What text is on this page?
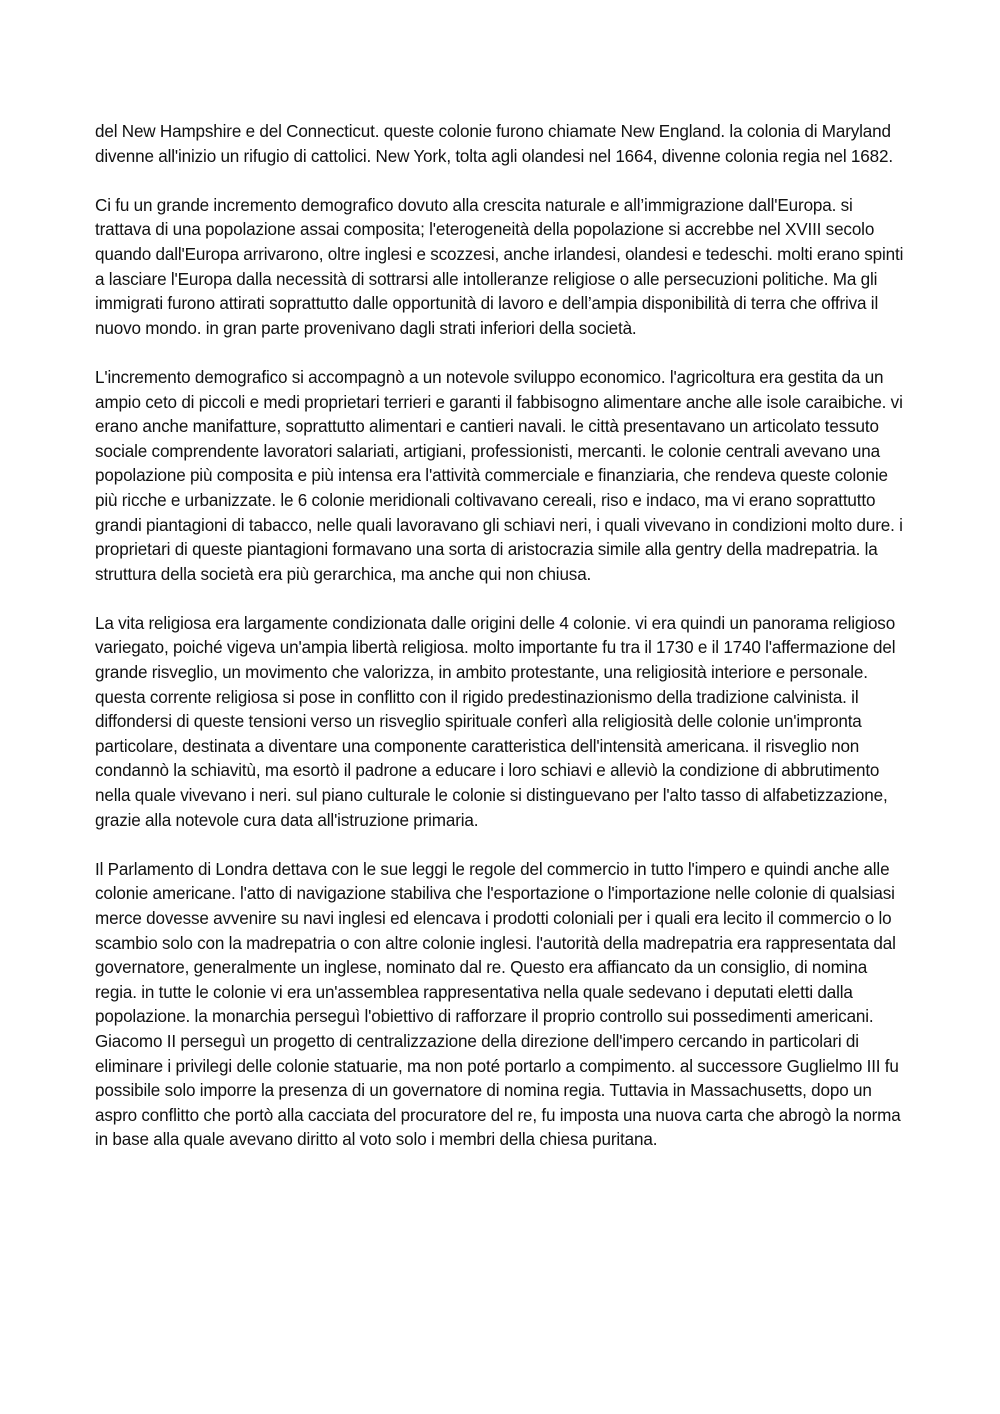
del New Hampshire e del Connecticut. queste colonie furono chiamate New England. la colonia di Maryland divenne all'inizio un rifugio di cattolici. New York, tolta agli olandesi nel 1664, divenne colonia regia nel 1682.

Ci fu un grande incremento demografico dovuto alla crescita naturale e all’immigrazione dall'Europa. si trattava di una popolazione assai composita; l'eterogeneità della popolazione si accrebbe nel XVIII secolo quando dall'Europa arrivarono, oltre inglesi e scozzesi, anche irlandesi, olandesi e tedeschi. molti erano spinti a lasciare l'Europa dalla necessità di sottrarsi alle intolleranze religiose o alle persecuzioni politiche. Ma gli immigrati furono attirati soprattutto dalle opportunità di lavoro e dell’ampia disponibilità di terra che offriva il nuovo mondo. in gran parte provenivano dagli strati inferiori della società.

L'incremento demografico si accompagnò a un notevole sviluppo economico. l'agricoltura era gestita da un ampio ceto di piccoli e medi proprietari terrieri e garanti il fabbisogno alimentare anche alle isole caraibiche. vi erano anche manifatture, soprattutto alimentari e cantieri navali. le città presentavano un articolato tessuto sociale comprendente lavoratori salariati, artigiani, professionisti, mercanti. le colonie centrali avevano una popolazione più composita e più intensa era l'attività commerciale e finanziaria, che rendeva queste colonie più ricche e urbanizzate. le 6 colonie meridionali coltivavano cereali, riso e indaco, ma vi erano soprattutto grandi piantagioni di tabacco, nelle quali lavoravano gli schiavi neri, i quali vivevano in condizioni molto dure. i proprietari di queste piantagioni formavano una sorta di aristocrazia simile alla gentry della madrepatria. la struttura della società era più gerarchica, ma anche qui non chiusa.

La vita religiosa era largamente condizionata dalle origini delle 4 colonie. vi era quindi un panorama religioso variegato, poiché vigeva un'ampia libertà religiosa. molto importante fu tra il 1730 e il 1740 l'affermazione del grande risveglio, un movimento che valorizza, in ambito protestante, una religiosità interiore e personale. questa corrente religiosa si pose in conflitto con il rigido predestinazionismo della tradizione calvinista. il diffondersi di queste tensioni verso un risveglio spirituale conferì alla religiosità delle colonie un'impronta particolare, destinata a diventare una componente caratteristica dell'intensità americana. il risveglio non condannò la schiavitù, ma esortò il padrone a educare i loro schiavi e alleviò la condizione di abbrutimento nella quale vivevano i neri. sul piano culturale le colonie si distinguevano per l'alto tasso di alfabetizzazione, grazie alla notevole cura data all'istruzione primaria.

Il Parlamento di Londra dettava con le sue leggi le regole del commercio in tutto l'impero e quindi anche alle colonie americane. l'atto di navigazione stabiliva che l'esportazione o l'importazione nelle colonie di qualsiasi merce dovesse avvenire su navi inglesi ed elencava i prodotti coloniali per i quali era lecito il commercio o lo scambio solo con la madrepatria o con altre colonie inglesi. l'autorità della madrepatria era rappresentata dal governatore, generalmente un inglese, nominato dal re. Questo era affiancato da un consiglio, di nomina regia. in tutte le colonie vi era un'assemblea rappresentativa nella quale sedevano i deputati eletti dalla popolazione. la monarchia perseguì l'obiettivo di rafforzare il proprio controllo sui possedimenti americani. Giacomo II perseguì un progetto di centralizzazione della direzione dell'impero cercando in particolari di eliminare i privilegi delle colonie statuarie, ma non poté portarlo a compimento. al successore Guglielmo III fu possibile solo imporre la presenza di un governatore di nomina regia. Tuttavia in Massachusetts, dopo un aspro conflitto che portò alla cacciata del procuratore del re, fu imposta una nuova carta che abrogò la norma in base alla quale avevano diritto al voto solo i membri della chiesa puritana.
